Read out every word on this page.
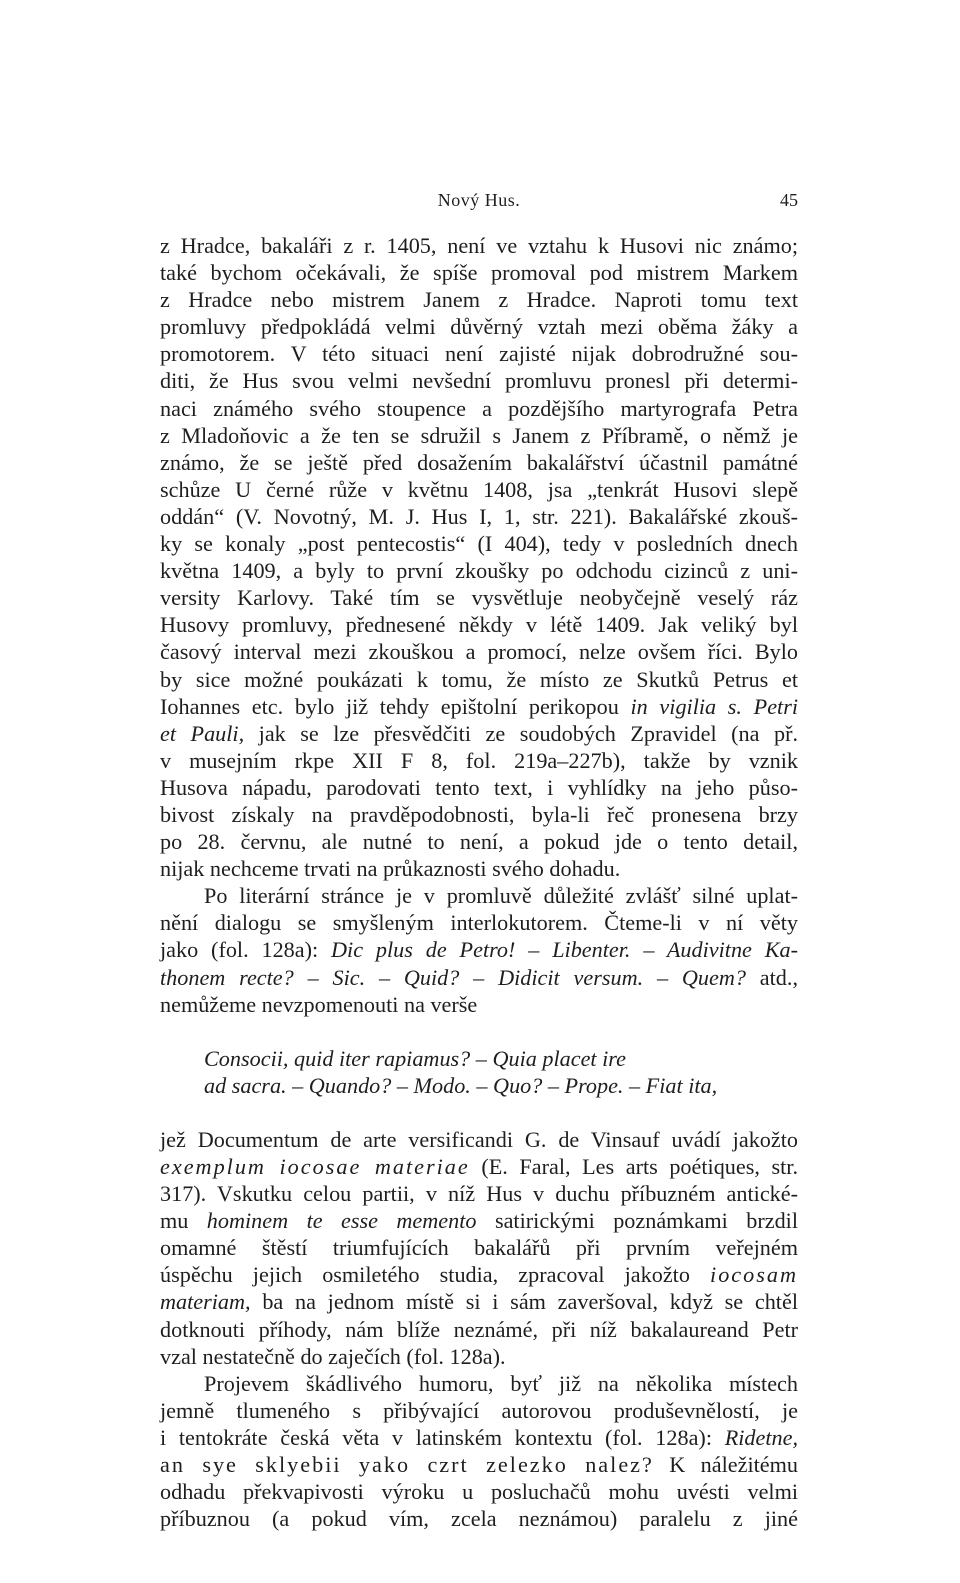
Nový Hus.	45
z Hradce, bakaláři z r. 1405, není ve vztahu k Husovi nic známo;
také bychom očekávali, že spíše promoval pod mistrem Markem
z Hradce nebo mistrem Janem z Hradce. Naproti tomu text
promluvy předpokládá velmi důvěrný vztah mezi oběma žáky a
promotorem. V této situaci není zajisté nijak dobrodružné sou-
diti, že Hus svou velmi nevšední promluvu pronesl při determi-
naci známého svého stoupence a pozdějšího martyrografa Petra
z Mladoňovic a že ten se sdružil s Janem z Příbramě, o němž je
známo, že se ještě před dosažením bakalářství účastnil památné
schůze U černé růže v květnu 1408, jsa „tenkrát Husovi slepě
oddán“ (V. Novotný, M. J. Hus I, 1, str. 221). Bakalářské zkouš-
ky se konaly „post pentecostis“ (I 404), tedy v posledních dnech
května 1409, a byly to první zkoušky po odchodu cizinců z uni-
versity Karlovy. Také tím se vysvětluje neobyčejně veselý ráz
Husovy promluvy, přednesené někdy v létě 1409. Jak veliký byl
časový interval mezi zkouškou a promocí, nelze ovšem říci. Bylo
by sice možné poukázati k tomu, že místo ze Skutků Petrus et
Iohannes etc. bylo již tehdy epištolní perikopou in vigilia s. Petri
et Pauli, jak se lze přesvědčiti ze soudobých Zpravidel (na př.
v musejním rkpe XII F 8, fol. 219a–227b), takže by vznik
Husova nápadu, parodovati tento text, i vyhlídky na jeho půso-
bivost získaly na pravděpodobnosti, byla-li řeč pronesena brzy
po 28. červnu, ale nutné to není, a pokud jde o tento detail,
nijak nechceme trvati na průkaznosti svého dohadu.
Po literární stránce je v promluvě důležité zvlášť silné uplat-
nění dialogu se smyšleným interlokutorem. Čteme-li v ní věty
jako (fol. 128a): Dic plus de Petro! – Libenter. – Audivitne Ka-
thonem recte? – Sic. – Quid? – Didicit versum. – Quem? atd.,
nemůžeme nevzpomenouti na verše
Consocii, quid iter rapiamus? – Quia placet ire
ad sacra. – Quando? – Modo. – Quo? – Prope. – Fiat ita,
jež Documentum de arte versificandi G. de Vinsauf uvádí jakožto
exemplum iocosae materiae (E. Faral, Les arts poétiques, str.
317). Vskutku celou partii, v níž Hus v duchu příbuzném antické-
mu hominem te esse memento satirickými poznámkami brzdil
omamné štěstí triumfujících bakalářů při prvním veřejném
úspěchu jejich osmiletého studia, zpracoval jakožto iocosam
materiam, ba na jednom místě si i sám zaveršoval, když se chtěl
dotknouti příhody, nám blíže neznámé, při níž bakalaureand Petr
vzal nestatečně do zaječích (fol. 128a).
Projevem škádlivého humoru, byť již na několika místech
jemně tlumeného s přibývající autorovou produševnělostí, je
i tentokráte česká věta v latinském kontextu (fol. 128a): Ridetne,
an sye sklyebii yako czrt zelezko nalez? K náležitému
odhadu překvapivosti výroku u posluchačů mohu uvésti velmi
příbuznou (a pokud vím, zcela neznámou) paralelu z jiné
